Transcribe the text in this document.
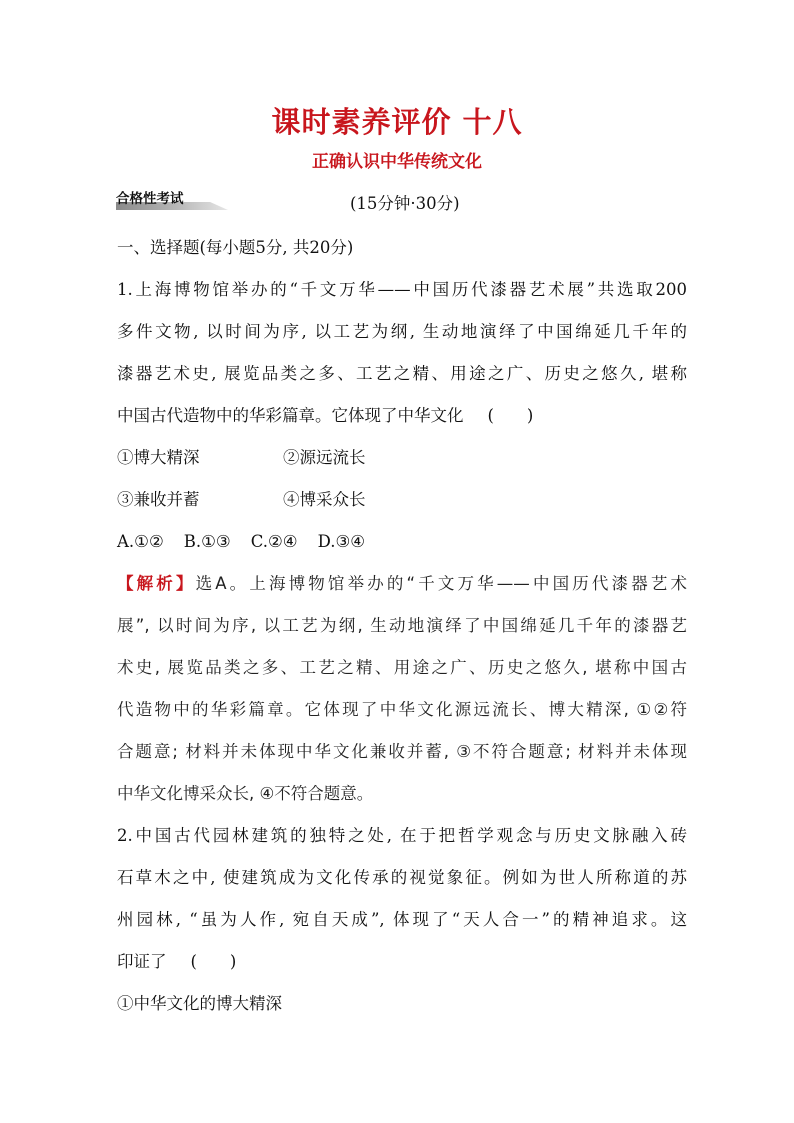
课时素养评价 十八
正确认识中华传统文化
合格性考试	(15分钟·30分)
一、选择题(每小题5分, 共20分)
1.上海博物馆举办的“千文万华——中国历代漆器艺术展”共选取200
多件文物, 以时间为序, 以工艺为纲, 生动地演绎了中国绵延几千年的
漆器艺术史, 展览品类之多、工艺之精、用途之广、历史之悠久, 堪称
中国古代造物中的华彩篇章。它体现了中华文化 (　　)
①博大精深	②源远流长
③兼收并蓄	④博采众长
A.①② B.①③ C.②④ D.③④
【解析】选A。上海博物馆举办的“千文万华——中国历代漆器艺术
展”, 以时间为序, 以工艺为纲, 生动地演绎了中国绵延几千年的漆器艺
术史, 展览品类之多、工艺之精、用途之广、历史之悠久, 堪称中国古
代造物中的华彩篇章。它体现了中华文化源远流长、博大精深, ①②符
合题意; 材料并未体现中华文化兼收并蓄, ③不符合题意; 材料并未体现
中华文化博采众长, ④不符合题意。
2.中国古代园林建筑的独特之处, 在于把哲学观念与历史文脉融入砖
石草木之中, 使建筑成为文化传承的视觉象征。例如为世人所称道的苏
州园林, “虽为人作, 宛自天成”, 体现了“天人合一”的精神追求。这
印证了 (　　)
①中华文化的博大精深
